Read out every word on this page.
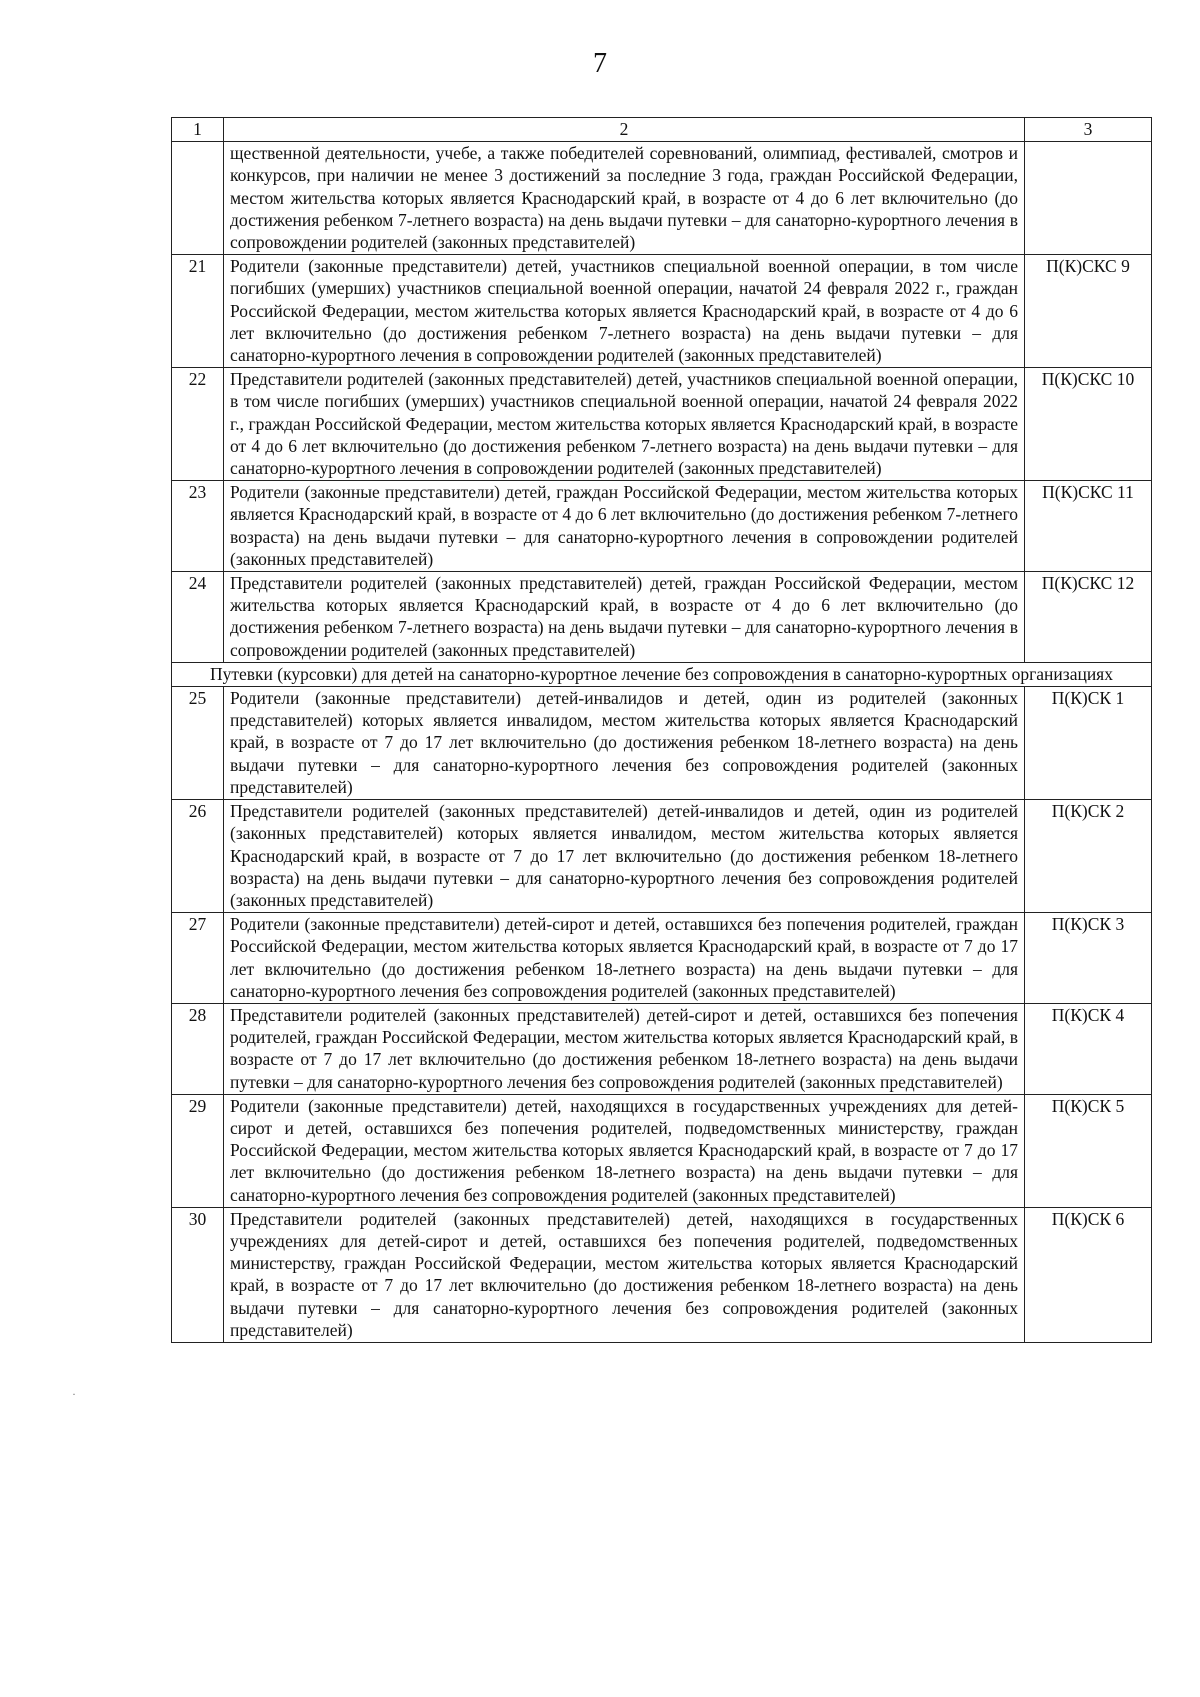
7
1	2	3
	щественной деятельности, учебе, а также победителей соревнований, олимпиад, фестивалей, смотров и конкурсов, при наличии не менее 3 достижений за последние 3 года, граждан Российской Федерации, местом жительства которых является Краснодарский край, в возрасте от 4 до 6 лет включительно (до достижения ребенком 7-летнего возраста) на день выдачи путевки – для санаторно-курортного лечения в сопровождении родителей (законных представителей)	
21	Родители (законные представители) детей, участников специальной военной операции, в том числе погибших (умерших) участников специальной военной операции, начатой 24 февраля 2022 г., граждан Российской Федерации, местом жительства которых является Краснодарский край, в возрасте от 4 до 6 лет включительно (до достижения ребенком 7-летнего возраста) на день выдачи путевки – для санаторно-курортного лечения в сопровождении родителей (законных представителей)	П(К)СКС 9
22	Представители родителей (законных представителей) детей, участников специальной военной операции, в том числе погибших (умерших) участников специальной военной операции, начатой 24 февраля 2022 г., граждан Российской Федерации, местом жительства которых является Краснодарский край, в возрасте от 4 до 6 лет включительно (до достижения ребенком 7-летнего возраста) на день выдачи путевки – для санаторно-курортного лечения в сопровождении родителей (законных представителей)	П(К)СКС 10
23	Родители (законные представители) детей, граждан Российской Федерации, местом жительства которых является Краснодарский край, в возрасте от 4 до 6 лет включительно (до достижения ребенком 7-летнего возраста) на день выдачи путевки – для санаторно-курортного лечения в сопровождении родителей (законных представителей)	П(К)СКС 11
24	Представители родителей (законных представителей) детей, граждан Российской Федерации, местом жительства которых является Краснодарский край, в возрасте от 4 до 6 лет включительно (до достижения ребенком 7-летнего возраста) на день выдачи путевки – для санаторно-курортного лечения в сопровождении родителей (законных представителей)	П(К)СКС 12
Путевки (курсовки) для детей на санаторно-курортное лечение без сопровождения в санаторно-курортных организациях		
25	Родители (законные представители) детей-инвалидов и детей, один из родителей (законных представителей) которых является инвалидом, местом жительства которых является Краснодарский край, в возрасте от 7 до 17 лет включительно (до достижения ребенком 18-летнего возраста) на день выдачи путевки – для санаторно-курортного лечения без сопровождения родителей (законных представителей)	П(К)СК 1
26	Представители родителей (законных представителей) детей-инвалидов и детей, один из родителей (законных представителей) которых является инвалидом, местом жительства которых является Краснодарский край, в возрасте от 7 до 17 лет включительно (до достижения ребенком 18-летнего возраста) на день выдачи путевки – для санаторно-курортного лечения без сопровождения родителей (законных представителей)	П(К)СК 2
27	Родители (законные представители) детей-сирот и детей, оставшихся без попечения родителей, граждан Российской Федерации, местом жительства которых является Краснодарский край, в возрасте от 7 до 17 лет включительно (до достижения ребенком 18-летнего возраста) на день выдачи путевки – для санаторно-курортного лечения без сопровождения родителей (законных представителей)	П(К)СК 3
28	Представители родителей (законных представителей) детей-сирот и детей, оставшихся без попечения родителей, граждан Российской Федерации, местом жительства которых является Краснодарский край, в возрасте от 7 до 17 лет включительно (до достижения ребенком 18-летнего возраста) на день выдачи путевки – для санаторно-курортного лечения без сопровождения родителей (законных представителей)	П(К)СК 4
29	Родители (законные представители) детей, находящихся в государственных учреждениях для детей-сирот и детей, оставшихся без попечения родителей, подведомственных министерству, граждан Российской Федерации, местом жительства которых является Краснодарский край, в возрасте от 7 до 17 лет включительно (до достижения ребенком 18-летнего возраста) на день выдачи путевки – для санаторно-курортного лечения без сопровождения родителей (законных представителей)	П(К)СК 5
30	Представители родителей (законных представителей) детей, находящихся в государственных учреждениях для детей-сирот и детей, оставшихся без попечения родителей, подведомственных министерству, граждан Российской Федерации, местом жительства которых является Краснодарский край, в возрасте от 7 до 17 лет включительно (до достижения ребенком 18-летнего возраста) на день выдачи путевки – для санаторно-курортного лечения без сопровождения родителей (законных представителей)	П(К)СК 6
·
